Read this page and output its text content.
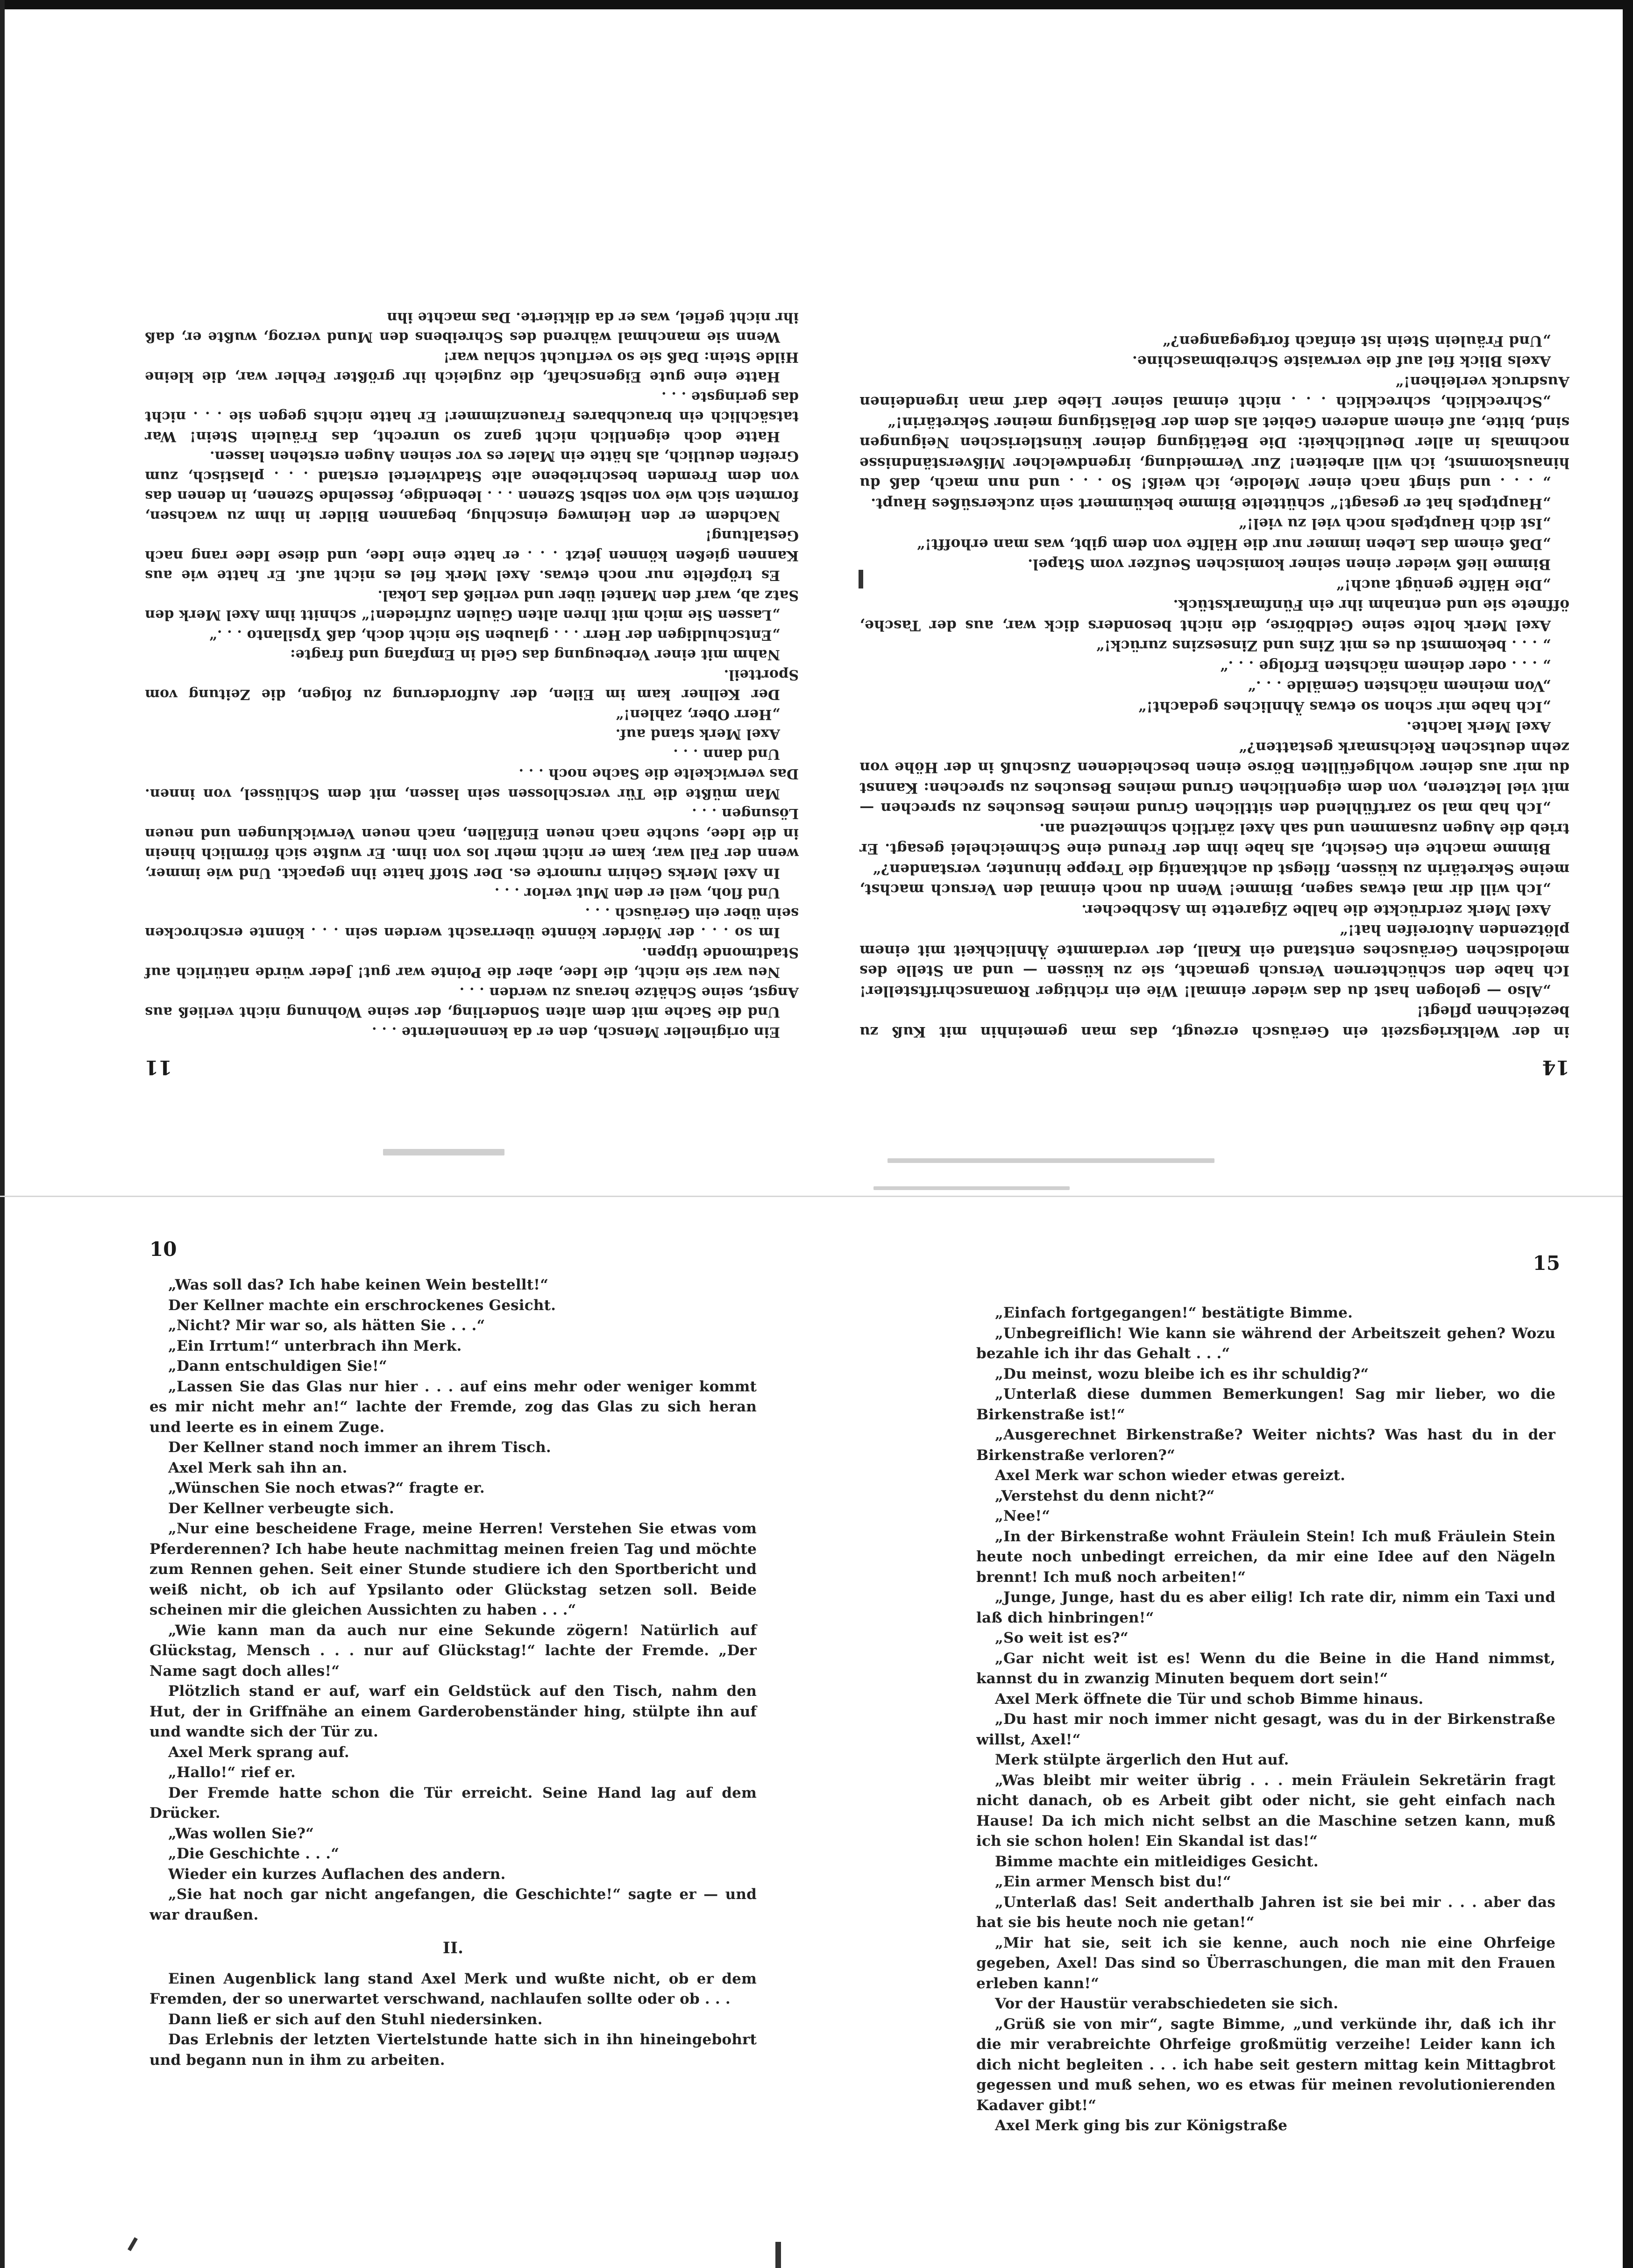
14

in der Weltkriegszeit ein Geräusch erzeugt, das man gemeinhin mit Kuß zu bezeichnen pflegt!

„Also — gelogen hast du das wieder einmal! Wie ein richtiger Romanschriftsteller! Ich habe den schüchternen Versuch gemacht, sie zu küssen — und an Stelle des melodischen Geräusches entstand ein Knall, der verdammte Ähnlichkeit mit einem plötzenden Autoreifen hat!“

Axel Merk zerdrückte die halbe Zigarette im Aschbecher.

„Ich will dir mal etwas sagen, Bimme! Wenn du noch einmal den Versuch machst, meine Sekretärin zu küssen, fliegst du achtkantig die Treppe hinunter, verstanden?“

Bimme machte ein Gesicht, als habe ihm der Freund eine Schmeichelei gesagt. Er trieb die Augen zusammen und sah Axel zärtlich schmelzend an.

„Ich hab mal so zartfühlend den sittlichen Grund meines Besuches zu sprechen — mit viel letzteren, von dem eigentlichen Grund meines Besuches zu sprechen: Kannst du mir aus deiner wohlgefüllten Börse einen bescheidenen Zuschuß in der Höhe von zehn deutschen Reichsmark gestatten?“

Axel Merk lachte.

„Ich habe mir schon so etwas Ähnliches gedacht!“

„Von meinem nächsten Gemälde . . .“

„ . . . oder deinem nächsten Erfolge . . .“

„ . . . bekommst du es mit Zins und Zinseszins zurück!“

Axel Merk holte seine Geldbörse, die nicht besonders dick war, aus der Tasche, öffnete sie und entnahm ihr ein Fünfmarkstück.

„Die Hälfte genügt auch!“

Bimme ließ wieder einen seiner komischen Seufzer vom Stapel.

„Daß einem das Leben immer nur die Hälfte von dem gibt, was man erhofft!“

„Ist dich Hauptpels noch viel zu viel!“

„Hauptpels hat er gesagt!“ schüttelte Bimme bekümmert sein zuckersüßes Haupt.

„ . . . und singt nach einer Melodie, ich weiß! So . . . und nun mach, daß du hinauskommst, ich will arbeiten! Zur Vermeidung, irgendwelcher Mißverständnisse nochmals in aller Deutlichkeit: Die Betätigung deiner künstlerischen Neigungen sind, bitte, auf einem anderen Gebiet als dem der Belästigung meiner Sekretärin!“

„Schrecklich, schrecklich . . . nicht einmal seiner Liebe darf man irgendeinen Ausdruck verleihen!“

Axels Blick fiel auf die verwaiste Schreibmaschine.

„Und Fräulein Stein ist einfach fortgegangen?“

11

Ein origineller Mensch, den er da kennenlernte . . .

Und die Sache mit dem alten Sonderling, der seine Wohnung nicht verließ aus Angst, seine Schätze heraus zu werden . . .

Neu war sie nicht, die Idee, aber die Pointe war gut! Jeder würde natürlich auf Stadtmonde tippen.

Im so . . . der Mörder könnte überrascht werden sein . . . könnte erschrocken sein über ein Geräusch . . .

Und floh, weil er den Mut verlor . . .

In Axel Merks Gehirn rumorte es. Der Stoff hatte ihn gepackt. Und wie immer, wenn der Fall war, kam er nicht mehr los von ihm. Er wußte sich förmlich hinein in die Idee, suchte nach neuen Einfällen, nach neuen Verwicklungen und neuen Lösungen . . .

Man müßte die Tür verschlossen sein lassen, mit dem Schlüssel, von innen. Das verwickelte die Sache noch . . .

Und dann . . .

Axel Merk stand auf.

„Herr Ober, zahlen!“

Der Kellner kam im Eilen, der Aufforderung zu folgen, die Zeitung vom Sportteil.

Nahm mit einer Verbeugung das Geld in Empfang und fragte:

„Entschuldigen der Herr . . . glauben Sie nicht doch, daß Ypsilanto . . .“

„Lassen Sie mich mit Ihren alten Gäulen zufrieden!“ schnitt ihm Axel Merk den Satz ab, warf den Mantel über und verließ das Lokal.

Es tröpfelte nur noch etwas. Axel Merk fiel es nicht auf. Er hatte wie aus Kannen gießen können jetzt . . . er hatte eine Idee, und diese Idee rang nach Gestaltung!

Nachdem er den Heimweg einschlug, begannen Bilder in ihm zu wachsen, formten sich wie von selbst Szenen . . . lebendige, fesselnde Szenen, in denen das von dem Fremden beschriebene alte Stadtviertel erstand . . . plastisch, zum Greifen deutlich, als hätte ein Maler es vor seinen Augen erstehen lassen.

Hatte doch eigentlich nicht ganz so unrecht, das Fräulein Stein! War tatsächlich ein brauchbares Frauenzimmer! Er hatte nichts gegen sie . . . nicht das geringste . . .

Hatte eine gute Eigenschaft, die zugleich ihr größter Fehler war, die kleine Hilde Stein: Daß sie so verflucht schlau war!

Wenn sie manchmal während des Schreibens den Mund verzog, wußte er, daß ihr nicht gefiel, was er da diktierte. Das machte ihn

10

„Was soll das? Ich habe keinen Wein bestellt!“

Der Kellner machte ein erschrockenes Gesicht.

„Nicht? Mir war so, als hätten Sie . . .“

„Ein Irrtum!“ unterbrach ihn Merk.

„Dann entschuldigen Sie!“

„Lassen Sie das Glas nur hier . . . auf eins mehr oder weniger kommt es mir nicht mehr an!“ lachte der Fremde, zog das Glas zu sich heran und leerte es in einem Zuge.

Der Kellner stand noch immer an ihrem Tisch.

Axel Merk sah ihn an.

„Wünschen Sie noch etwas?“ fragte er.

Der Kellner verbeugte sich.

„Nur eine bescheidene Frage, meine Herren! Verstehen Sie etwas vom Pferderennen? Ich habe heute nachmittag meinen freien Tag und möchte zum Rennen gehen. Seit einer Stunde studiere ich den Sportbericht und weiß nicht, ob ich auf Ypsilanto oder Glückstag setzen soll. Beide scheinen mir die gleichen Aussichten zu haben . . .“

„Wie kann man da auch nur eine Sekunde zögern! Natürlich auf Glückstag, Mensch . . . nur auf Glückstag!“ lachte der Fremde. „Der Name sagt doch alles!“

Plötzlich stand er auf, warf ein Geldstück auf den Tisch, nahm den Hut, der in Griffnähe an einem Garderobenständer hing, stülpte ihn auf und wandte sich der Tür zu.

Axel Merk sprang auf.

„Hallo!“ rief er.

Der Fremde hatte schon die Tür erreicht. Seine Hand lag auf dem Drücker.

„Was wollen Sie?“

„Die Geschichte . . .“

Wieder ein kurzes Auflachen des andern.

„Sie hat noch gar nicht angefangen, die Geschichte!“ sagte er — und war draußen.

II.

Einen Augenblick lang stand Axel Merk und wußte nicht, ob er dem Fremden, der so unerwartet verschwand, nachlaufen sollte oder ob . . .

Dann ließ er sich auf den Stuhl niedersinken.

Das Erlebnis der letzten Viertelstunde hatte sich in ihn hineingebohrt und begann nun in ihm zu arbeiten.

15

„Einfach fortgegangen!“ bestätigte Bimme.

„Unbegreiflich! Wie kann sie während der Arbeitszeit gehen? Wozu bezahle ich ihr das Gehalt . . .“

„Du meinst, wozu bleibe ich es ihr schuldig?“

„Unterlaß diese dummen Bemerkungen! Sag mir lieber, wo die Birkenstraße ist!“

„Ausgerechnet Birkenstraße? Weiter nichts? Was hast du in der Birkenstraße verloren?“

Axel Merk war schon wieder etwas gereizt.

„Verstehst du denn nicht?“

„Nee!“

„In der Birkenstraße wohnt Fräulein Stein! Ich muß Fräulein Stein heute noch unbedingt erreichen, da mir eine Idee auf den Nägeln brennt! Ich muß noch arbeiten!“

„Junge, Junge, hast du es aber eilig! Ich rate dir, nimm ein Taxi und laß dich hinbringen!“

„So weit ist es?“

„Gar nicht weit ist es! Wenn du die Beine in die Hand nimmst, kannst du in zwanzig Minuten bequem dort sein!“

Axel Merk öffnete die Tür und schob Bimme hinaus.

„Du hast mir noch immer nicht gesagt, was du in der Birkenstraße willst, Axel!“

Merk stülpte ärgerlich den Hut auf.

„Was bleibt mir weiter übrig . . . mein Fräulein Sekretärin fragt nicht danach, ob es Arbeit gibt oder nicht, sie geht einfach nach Hause! Da ich mich nicht selbst an die Maschine setzen kann, muß ich sie schon holen! Ein Skandal ist das!“

Bimme machte ein mitleidiges Gesicht.

„Ein armer Mensch bist du!“

„Unterlaß das! Seit anderthalb Jahren ist sie bei mir . . . aber das hat sie bis heute noch nie getan!“

„Mir hat sie, seit ich sie kenne, auch noch nie eine Ohrfeige gegeben, Axel! Das sind so Überraschungen, die man mit den Frauen erleben kann!“

Vor der Haustür verabschiedeten sie sich.

„Grüß sie von mir“, sagte Bimme, „und verkünde ihr, daß ich ihr die mir verabreichte Ohrfeige großmütig verzeihe! Leider kann ich dich nicht begleiten . . . ich habe seit gestern mittag kein Mittagbrot gegessen und muß sehen, wo es etwas für meinen revolutionierenden Kadaver gibt!“

Axel Merk ging bis zur Königstraße
